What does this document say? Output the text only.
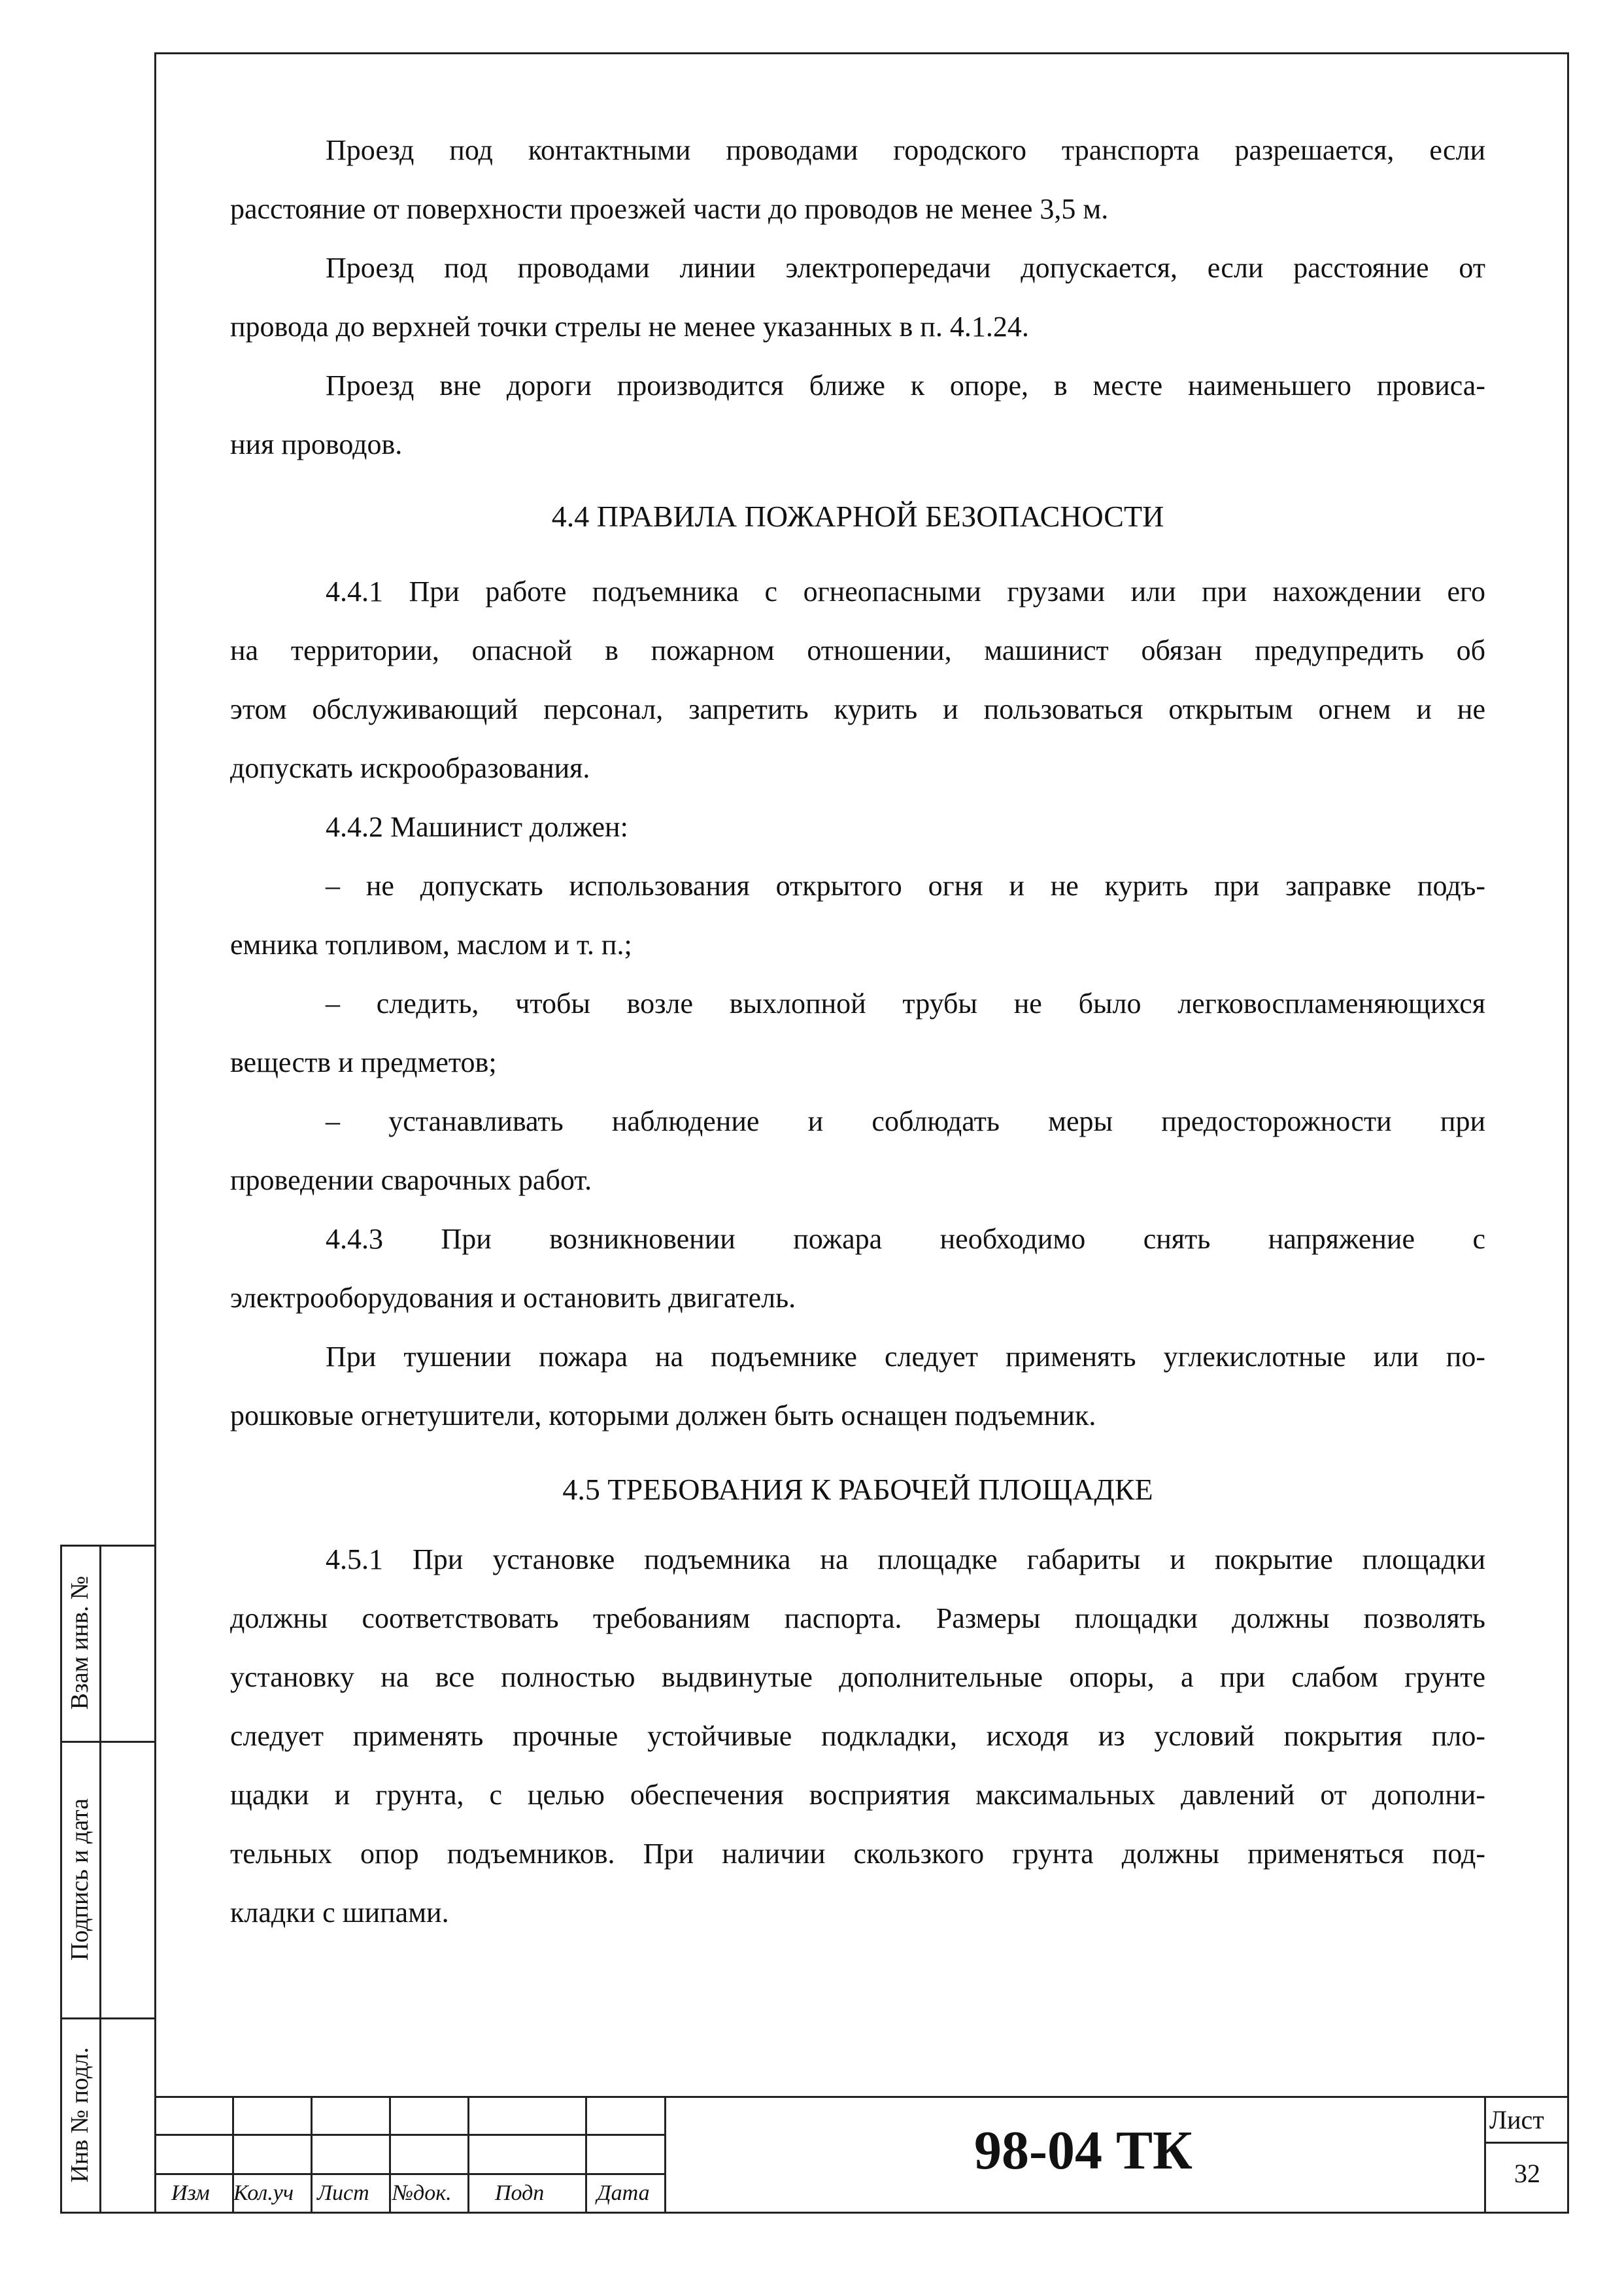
Проезд под контактными проводами городского транспорта разрешается, если
расстояние от поверхности проезжей части до проводов не менее 3,5 м.
Проезд под проводами линии электропередачи допускается, если расстояние от
провода до верхней точки стрелы не менее указанных в п. 4.1.24.
Проезд вне дороги производится ближе к опоре, в месте наименьшего провиса-
ния проводов.
4.4 ПРАВИЛА ПОЖАРНОЙ БЕЗОПАСНОСТИ
4.4.1 При работе подъемника с огнеопасными грузами или при нахождении его
на территории, опасной в пожарном отношении, машинист обязан предупредить об
этом обслуживающий персонал, запретить курить и пользоваться открытым огнем и не
допускать искрообразования.
4.4.2 Машинист должен:
– не допускать использования открытого огня и не курить при заправке подъ-
емника топливом, маслом и т. п.;
– следить, чтобы возле выхлопной трубы не было легковоспламеняющихся
веществ и предметов;
– устанавливать наблюдение и соблюдать меры предосторожности при
проведении сварочных работ.
4.4.3 При возникновении пожара необходимо снять напряжение с
электрооборудования и остановить двигатель.
При тушении пожара на подъемнике следует применять углекислотные или по-
рошковые огнетушители, которыми должен быть оснащен подъемник.
4.5 ТРЕБОВАНИЯ К РАБОЧЕЙ ПЛОЩАДКЕ
4.5.1 При установке подъемника на площадке габариты и покрытие площадки
должны соответствовать требованиям паспорта. Размеры площадки должны позволять
установку на все полностью выдвинутые дополнительные опоры, а при слабом грунте
следует применять прочные устойчивые подкладки, исходя из условий покрытия пло-
щадки и грунта, с целью обеспечения восприятия максимальных давлений от дополни-
тельных опор подъемников. При наличии скользкого грунта должны применяться под-
кладки с шипами.
Взам инв. №
Подпись и дата
Инв № подл.
Изм Кол.уч Лист №док. Подп Дата
98-04 ТК
Лист
32
